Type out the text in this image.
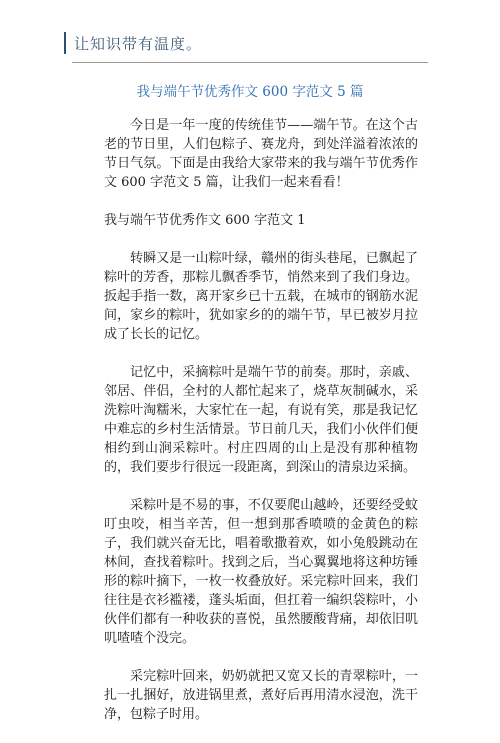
让知识带有温度。
我与端午节优秀作文 600 字范文 5 篇

今日是一年一度的传统佳节——端午节。在这个古老的节日里，人们包粽子、赛龙舟，到处洋溢着浓浓的节日气氛。下面是由我给大家带来的我与端午节优秀作文 600 字范文 5 篇，让我们一起来看看！

我与端午节优秀作文 600 字范文 1

转瞬又是一山粽叶绿，赣州的街头巷尾，已飘起了粽叶的芳香，那粽儿飘香季节，悄然来到了我们身边。扳起手指一数，离开家乡已十五载，在城市的钢筋水泥间，家乡的粽叶，犹如家乡的的端午节，早已被岁月拉成了长长的记忆。

记忆中，采摘粽叶是端午节的前奏。那时，亲戚、邻居、伴侣，全村的人都忙起来了，烧草灰制碱水，采洗粽叶淘糯米，大家忙在一起，有说有笑，那是我记忆中难忘的乡村生活情景。节日前几天，我们小伙伴们便相约到山涧采粽叶。村庄四周的山上是没有那种植物的，我们要步行很远一段距离，到深山的清泉边采摘。

采粽叶是不易的事，不仅要爬山越岭，还要经受蚊叮虫咬，相当辛苦，但一想到那香喷喷的金黄色的粽子，我们就兴奋无比，唱着歌撒着欢，如小兔般跳动在林间，查找着粽叶。找到之后，当心翼翼地将这种坊锤形的粽叶摘下，一枚一枚叠放好。采完粽叶回来，我们往往是衣衫褴褛，蓬头垢面，但扛着一编织袋粽叶，小伙伴们都有一种收获的喜悦，虽然腰酸背痛，却依旧叽叽喳喳个没完。

采完粽叶回来，奶奶就把又宽又长的青翠粽叶，一扎一扎捆好，放进锅里煮，煮好后再用清水浸泡，洗干净，包粽子时用。
